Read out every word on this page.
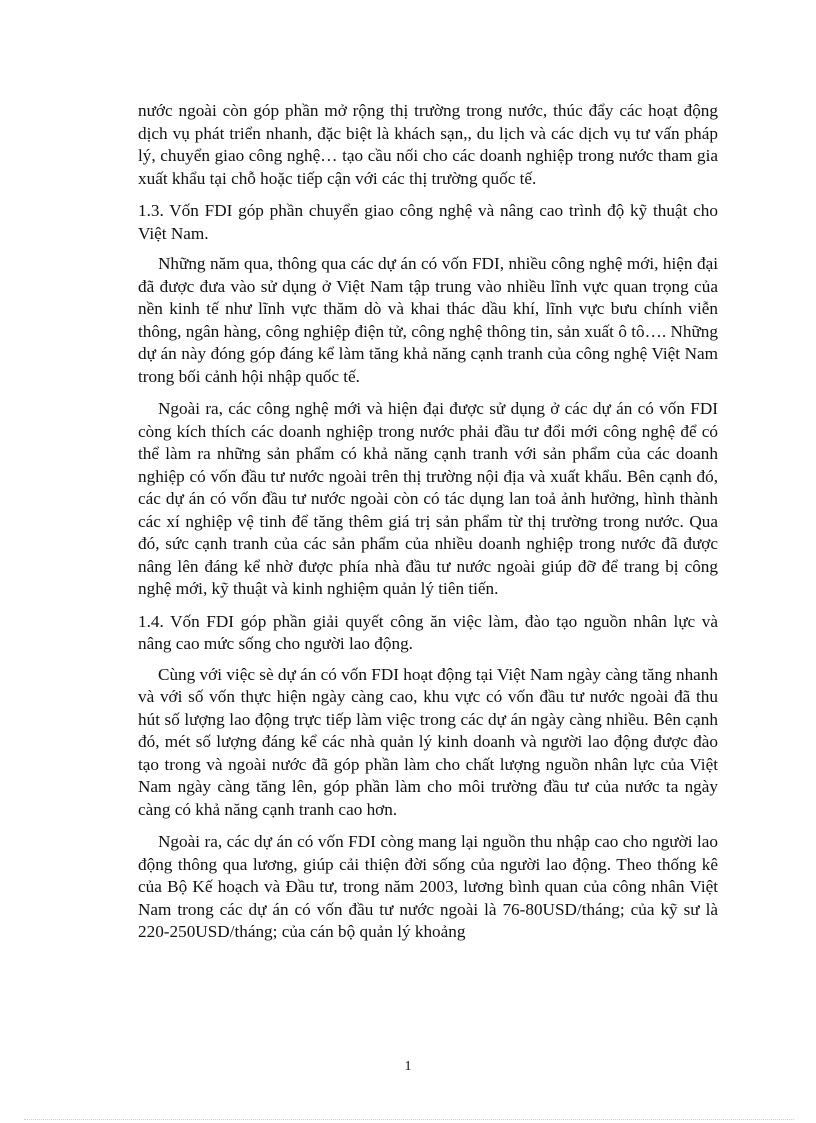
nước ngoài còn góp phần mở rộng thị trường trong nước, thúc đẩy các hoạt động dịch vụ phát triển nhanh, đặc biệt là khách sạn,, du lịch và các dịch vụ tư vấn pháp lý, chuyển giao công nghệ… tạo cầu nối cho các doanh nghiệp trong nước tham gia xuất khẩu tại chỗ hoặc tiếp cận với các thị trường quốc tế.

1.3. Vốn FDI góp phần chuyển giao công nghệ và nâng cao trình độ kỹ thuật cho Việt Nam.

Những năm qua, thông qua các dự án có vốn FDI, nhiều công nghệ mới, hiện đại đã được đưa vào sử dụng ở Việt Nam tập trung vào nhiều lĩnh vực quan trọng của nền kinh tế như lĩnh vực thăm dò và khai thác dầu khí, lĩnh vực bưu chính viễn thông, ngân hàng, công nghiệp điện tử, công nghệ thông tin, sản xuất ô tô…. Những dự án này đóng góp đáng kể làm tăng khả năng cạnh tranh của công nghệ Việt Nam trong bối cảnh hội nhập quốc tế.

Ngoài ra, các công nghệ mới và hiện đại được sử dụng ở các dự án có vốn FDI còng kích thích các doanh nghiệp trong nước phải đầu tư đổi mới công nghệ để có thể làm ra những sản phẩm có khả năng cạnh tranh với sản phẩm của các doanh nghiệp có vốn đầu tư nước ngoài trên thị trường nội địa và xuất khẩu. Bên cạnh đó, các dự án có vốn đầu tư nước ngoài còn có tác dụng lan toả ảnh hưởng, hình thành các xí nghiệp vệ tinh để tăng thêm giá trị sản phẩm từ thị trường trong nước. Qua đó, sức cạnh tranh của các sản phẩm của nhiều doanh nghiệp trong nước đã được nâng lên đáng kể nhờ được phía nhà đầu tư nước ngoài giúp đỡ để trang bị công nghệ mới, kỹ thuật và kinh nghiệm quản lý tiên tiến.

1.4. Vốn FDI góp phần giải quyết công ăn việc làm, đào tạo nguồn nhân lực và nâng cao mức sống cho người lao động.

Cùng với việc sè dự án có vốn FDI hoạt động tại Việt Nam ngày càng tăng nhanh và với số vốn thực hiện ngày càng cao, khu vực có vốn đầu tư nước ngoài đã thu hút số lượng lao động trực tiếp làm việc trong các dự án ngày càng nhiều. Bên cạnh đó, mét số lượng đáng kể các nhà quản lý kinh doanh và người lao động được đào tạo trong và ngoài nước đã góp phần làm cho chất lượng nguồn nhân lực của Việt Nam ngày càng tăng lên, góp phần làm cho môi trường đầu tư của nước ta ngày càng có khả năng cạnh tranh cao hơn.

Ngoài ra, các dự án có vốn FDI còng mang lại nguồn thu nhập cao cho người lao động thông qua lương, giúp cải thiện đời sống của người lao động. Theo thống kê của Bộ Kế hoạch và Đầu tư, trong năm 2003, lương bình quan của công nhân Việt Nam trong các dự án có vốn đầu tư nước ngoài là 76-80USD/tháng; của kỹ sư là 220-250USD/tháng; của cán bộ quản lý khoảng

1
